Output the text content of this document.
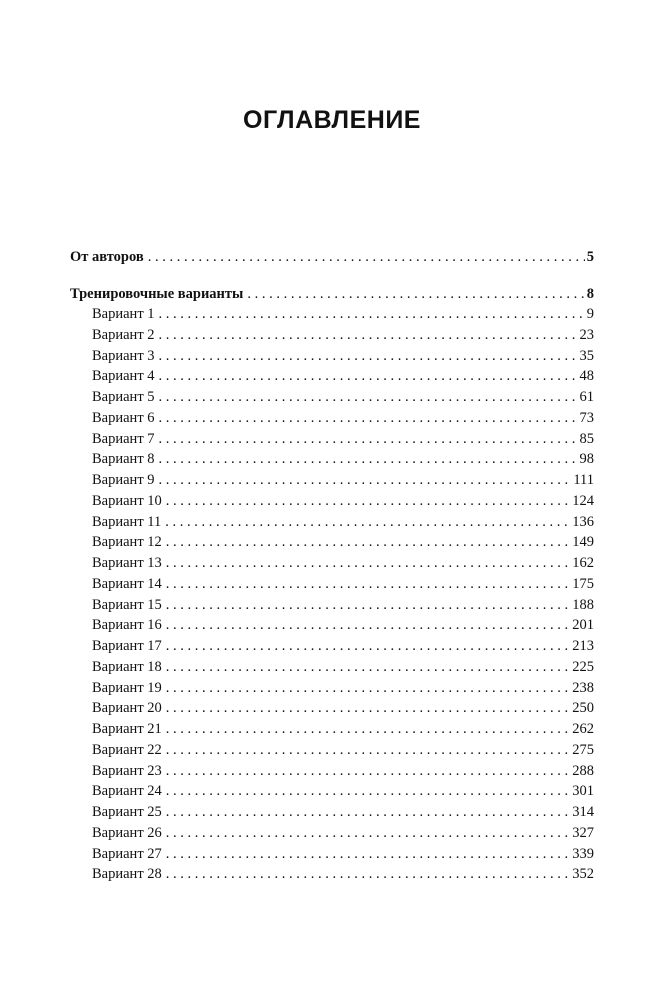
ОГЛАВЛЕНИЕ
От авторов . . .	5
Тренировочные варианты . . .	8
Вариант 1 . . .	9
Вариант 2 . . .	23
Вариант 3 . . .	35
Вариант 4 . . .	48
Вариант 5 . . .	61
Вариант 6 . . .	73
Вариант 7 . . .	85
Вариант 8 . . .	98
Вариант 9 . . .	111
Вариант 10 . . .	124
Вариант 11 . . .	136
Вариант 12 . . .	149
Вариант 13 . . .	162
Вариант 14 . . .	175
Вариант 15 . . .	188
Вариант 16 . . .	201
Вариант 17 . . .	213
Вариант 18 . . .	225
Вариант 19 . . .	238
Вариант 20 . . .	250
Вариант 21 . . .	262
Вариант 22 . . .	275
Вариант 23 . . .	288
Вариант 24 . . .	301
Вариант 25 . . .	314
Вариант 26 . . .	327
Вариант 27 . . .	339
Вариант 28 . . .	352
